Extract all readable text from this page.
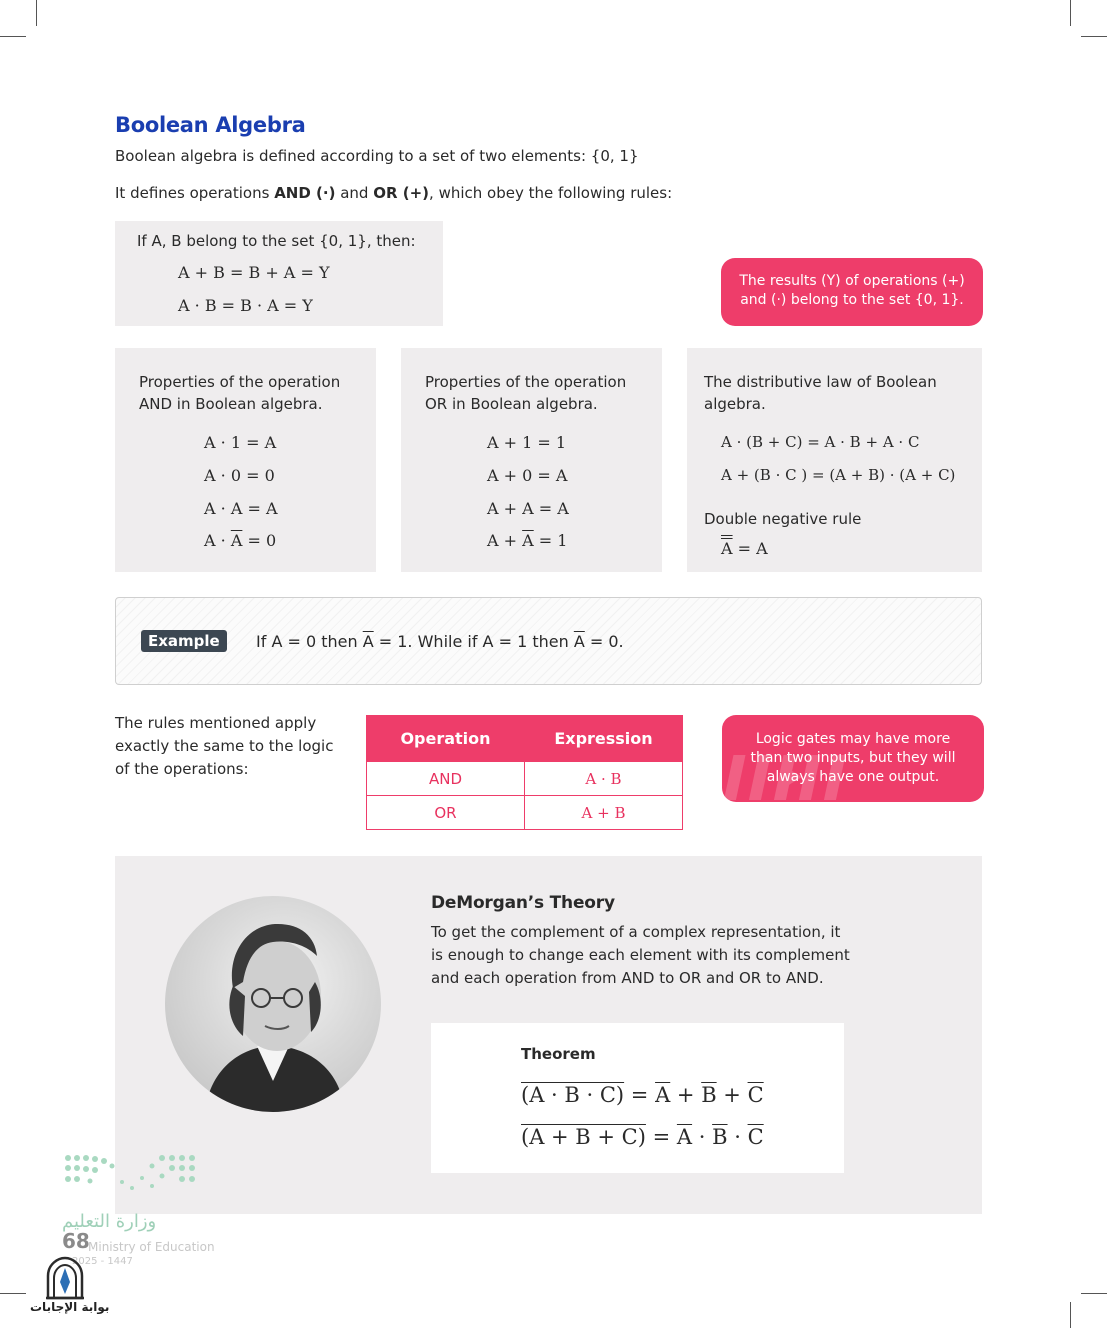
Boolean Algebra
Boolean algebra is defined according to a set of two elements: {0, 1}
It defines operations AND (·) and OR (+), which obey the following rules:
If A, B belong to the set {0, 1}, then:
A + B = B + A = Y
A · B = B · A = Y
The results (Y) of operations (+)
and (·) belong to the set {0, 1}.
Properties of the operation
AND in Boolean algebra.
A · 1 = A
A · 0 = 0
A · A = A
$A \cdot \overline{A} = 0$
Properties of the operation
OR in Boolean algebra.
A + 1 = 1
A + 0 = A
A + A = A
$A + \overline{A} = 1$
The distributive law of Boolean
algebra.
A · (B + C) = A · B + A · C
A + (B · C ) = (A + B) · (A + C)
Double negative rule
A = A
Example	If A = 0 then $\overline{A} = 1$. While if A = 1 then $\overline{A} = 0$.
The rules mentioned apply
exactly the same to the logic
of the operations:
Operation	Expression
AND	A · B
OR	A + B
Logic gates may have more
than two inputs, but they will
always have one output.
DeMorgan’s Theory
To get the complement of a complex representation, it
is enough to change each element with its complement
and each operation from AND to OR and OR to AND.
Theorem
$(A \cdot B \cdot C) = \overline{A} + \overline{B} + \overline{C}$
$(A + B + C) = \overline{A} \cdot \overline{B} \cdot \overline{C}$
وزارة التعليم
68
Ministry of Education
2025 - 1447
بوابة الإجابات
